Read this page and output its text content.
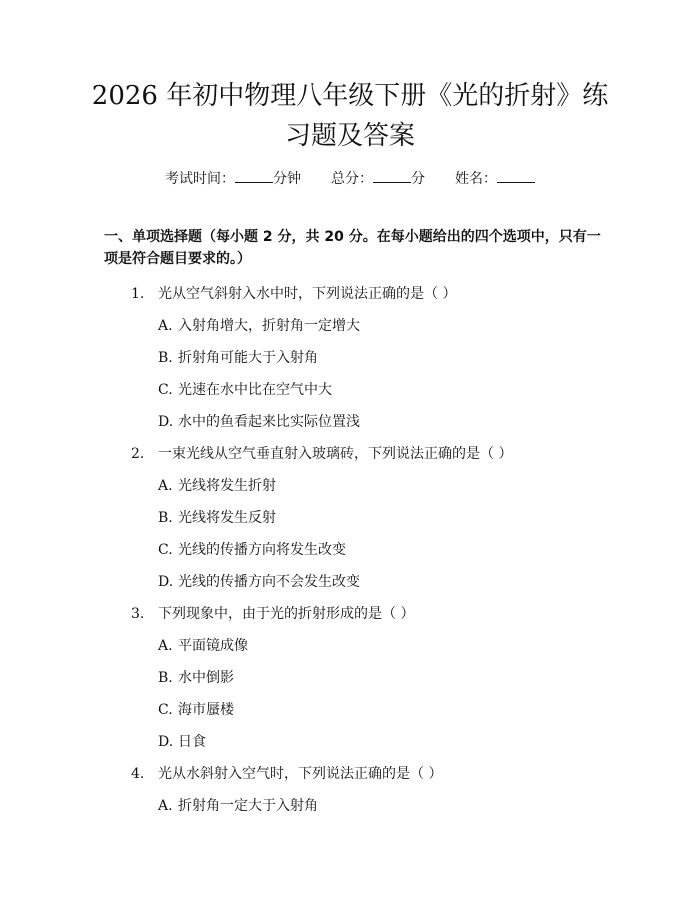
2026 年初中物理八年级下册《光的折射》练
习题及答案
考试时间：	分钟 总分：	分 姓名：
一、单项选择题（每小题 2 分，共 20 分。在每小题给出的四个选项中，只有一项是符合题目要求的。）
1. 光从空气斜射入水中时，下列说法正确的是（ ）
A. 入射角增大，折射角一定增大
B. 折射角可能大于入射角
C. 光速在水中比在空气中大
D. 水中的鱼看起来比实际位置浅
2. 一束光线从空气垂直射入玻璃砖，下列说法正确的是（ ）
A. 光线将发生折射
B. 光线将发生反射
C. 光线的传播方向将发生改变
D. 光线的传播方向不会发生改变
3. 下列现象中，由于光的折射形成的是（ ）
A. 平面镜成像
B. 水中倒影
C. 海市蜃楼
D. 日食
4. 光从水斜射入空气时，下列说法正确的是（ ）
A. 折射角一定大于入射角
